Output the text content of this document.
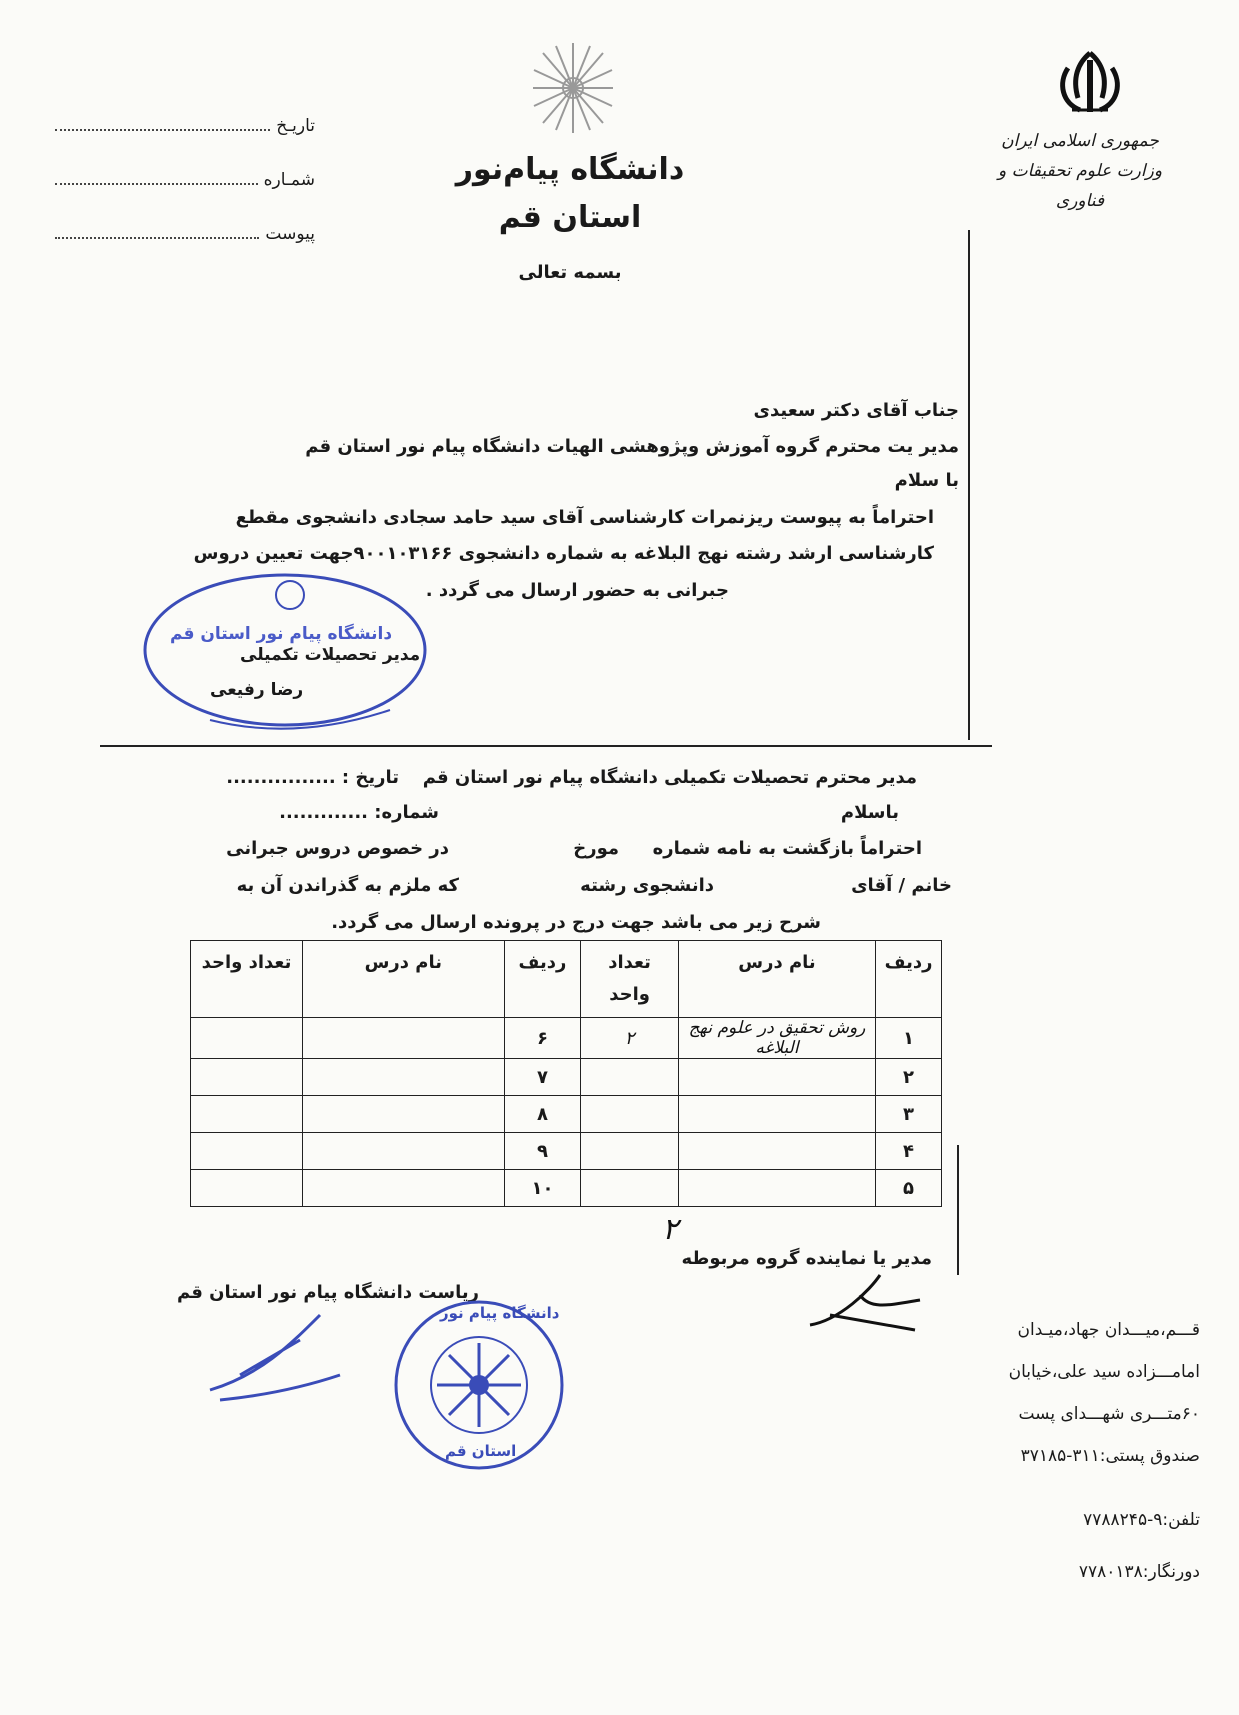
جمهوری اسلامی ایران
وزارت علوم تحقیقات و فناوری
دانشگاه پیام‌نور
استان قم
بسمه تعالی
تاریـخ
شمـاره
پیوست
جناب آقای دکتر سعیدی
مدیر یت محترم گروه آموزش وپژوهشی الهیات دانشگاه پیام نور استان قم
با سلام
احتراماً به پیوست ریزنمرات کارشناسی آقای سید حامد سجادی دانشجوی مقطع
کارشناسی ارشد رشته نهج البلاغه به شماره دانشجوی ۹۰۰۱۰۳۱۶۶جهت تعیین دروس
جبرانی به حضور ارسال می گردد .
دانشگاه پیام نور استان قم
مدیر تحصیلات تکمیلی
رضا رفیعی
مدیر محترم تحصیلات تکمیلی دانشگاه پیام نور استان قم
تاریخ : ................
باسلام
شماره: .............
احتراماً بازگشت به نامه شماره
مورخ
در خصوص دروس جبرانی
خانم / آقای
دانشجوی رشته
که ملزم به گذراندن آن به
شرح زیر می باشد جهت درج در پرونده ارسال می گردد.
ردیف	نام درس	تعداد واحد	ردیف	نام درس	تعداد واحد
۱	روش تحقیق در علوم نهج البلاغه	۲	۶		
۲			۷		
۳			۸		
۴			۹		
۵			۱۰		
۲
مدیر یا نماینده گروه مربوطه
ریاست دانشگاه پیام نور استان قم
دانشگاه پیام نور
استان قم
قـــم،میـــدان جهاد،میـدان
امامـــزاده سید علی،خیابان
۶۰متـــری شهـــدای پست
صندوق پستی:۳۱۱-۳۷۱۸۵
تلفن:۹-۷۷۸۸۲۴۵
دورنگار:۷۷۸۰۱۳۸
